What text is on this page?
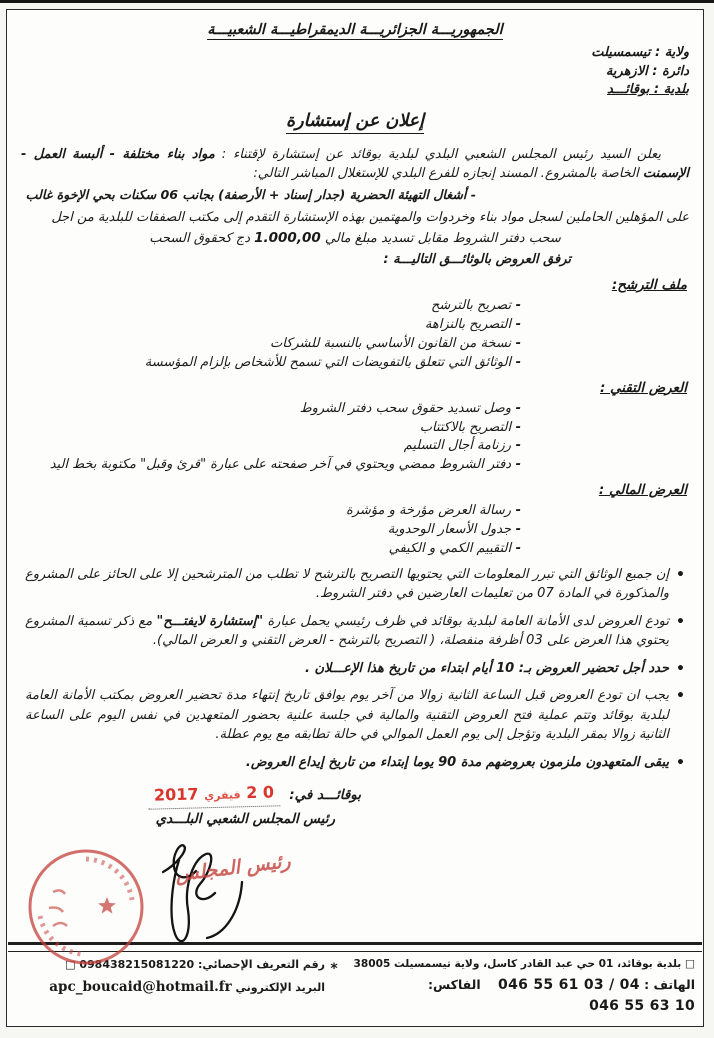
الجمهوريـــة الجزائريـــة الديمقراطيـــة الشعبيـــة
ولاية : تيسمسيلت
دائرة : الازهرية
بلدية : بوقائـــد
إعلان عن إستشارة

يعلن السيد رئيس المجلس الشعبي البلدي لبلدية بوقائد عن إستشارة لإقتناء : مواد بناء مختلفة - ألبسة العمل - الإسمنت الخاصة بالمشروع. المسند إنجازه للفرع البلدي للإستغلال المباشر التالي:

- أشغال التهيئة الحضرية (جدار إسناد + الأرصفة) بجانب 06 سكنات بحي الإخوة غالب

على المؤهلين الحاملين لسجل مواد بناء وخردوات والمهتمين بهذه الإستشارة التقدم إلى مكتب الصفقات للبلدية من اجل

سحب دفتر الشروط مقابل تسديد مبلغ مالي 1.000,00 دج كحقوق السحب

ترفق العروض بالوثائـــق التاليـــة :
ملف الترشح:
- تصريح بالترشح
- التصريح بالنزاهة
- نسخة من القانون الأساسي بالنسبة للشركات
- الوثائق التي تتعلق بالتفويضات التي تسمح للأشخاص بإلزام المؤسسة
العرض التقني :
- وصل تسديد حقوق سحب دفتر الشروط
- التصريح بالاكتتاب
- رزنامة أجال التسليم
- دفتر الشروط ممضي ويحتوي في آخر صفحته على عبارة "قرئ وقبل" مكتوبة بخط اليد
العرض المالي :
- رسالة العرض مؤرخة و مؤشرة
- جدول الأسعار الوحدوية
- التقييم الكمي و الكيفي
• إن جميع الوثائق التي تبرر المعلومات التي يحتويها التصريح بالترشح لا تطلب من المترشحين إلا على الحائز على المشروع والمذكورة في المادة 07 من تعليمات العارضين في دفتر الشروط.
• تودع العروض لدى الأمانة العامة لبلدية بوقائد في ظرف رئيسي يحمل عبارة "إستشارة لايفتـــح" مع ذكر تسمية المشروع يحتوي هذا العرض على 03 أظرفة منفصلة، ( التصريح بالترشح - العرض التقني و العرض المالي).
• حدد أجل تحضير العروض بـ: 10 أيام ابتداء من تاريخ هذا الإعـــلان .
• يجب ان تودع العروض قبل الساعة الثانية زوالا من آخر يوم يوافق تاريخ إنتهاء مدة تحضير العروض بمكتب الأمانة العامة لبلدية بوقائد وتتم عملية فتح العروض التقنية والمالية في جلسة علنية بحضور المتعهدين في نفس اليوم على الساعة الثانية زوالا بمقر البلدية وتؤجل إلى يوم العمل الموالي في حالة تطابقه مع يوم عطلة.
• يبقى المتعهدون ملزمون بعروضهم مدة 90 يوما إبتداء من تاريخ إيداع العروض.
بوقائـــد في: 0 2 فيفري 2017
رئيس المجلس الشعبي البلـــدي
رئيس المجلس
□ بلدية بوقائد، 01 حي عبد القادر كاسل، ولاية تيسمسيلت 38005
الهاتف : 046 55 61 03 / 04    الفاكس: 046 55 63 10
*
رقم التعريف الإحصائي: 098438215081220 □
البريد الإلكتروني apc_boucaid@hotmail.fr
